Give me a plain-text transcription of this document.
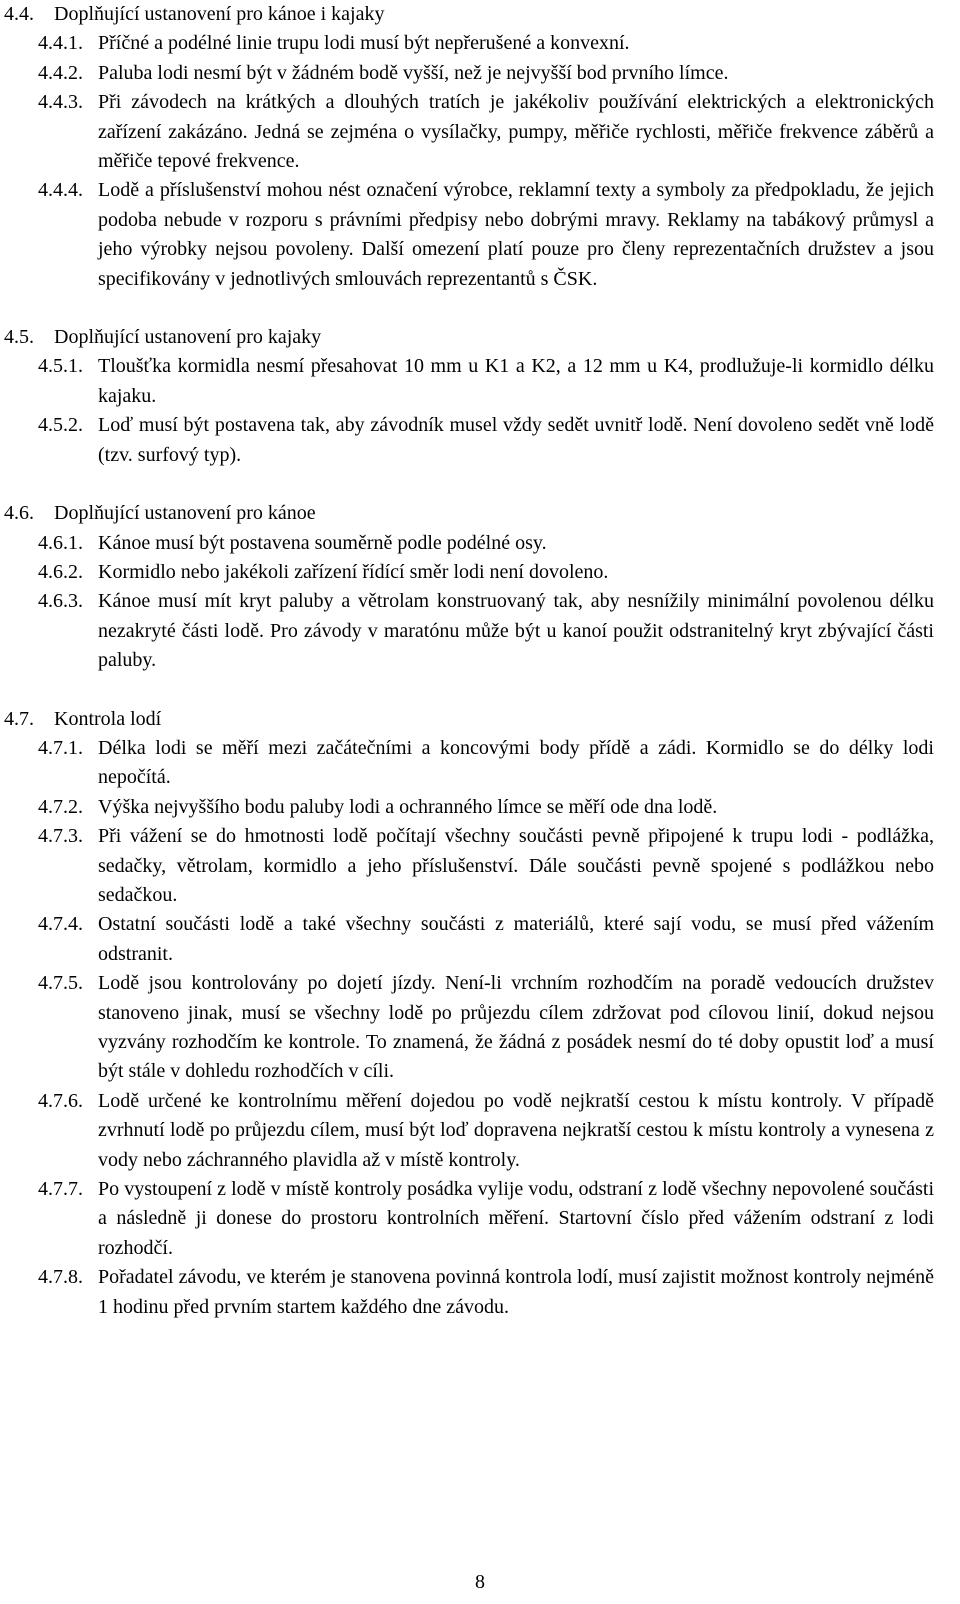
4.4.	Doplňující ustanovení pro kánoe i kajaky
4.4.1. Příčné a podélné linie trupu lodi musí být nepřerušené a konvexní.
4.4.2. Paluba lodi nesmí být v žádném bodě vyšší, než je nejvyšší bod prvního límce.
4.4.3. Při závodech na krátkých a dlouhých tratích je jakékoliv používání elektrických a elektronických zařízení zakázáno. Jedná se zejména o vysílačky, pumpy, měřiče rychlosti, měřiče frekvence záběrů a měřiče tepové frekvence.
4.4.4. Lodě a příslušenství mohou nést označení výrobce, reklamní texty a symboly za předpokladu, že jejich podoba nebude v rozporu s právními předpisy nebo dobrými mravy. Reklamy na tabákový průmysl a jeho výrobky nejsou povoleny. Další omezení platí pouze pro členy reprezentačních družstev a jsou specifikovány v jednotlivých smlouvách reprezentantů s ČSK.
4.5.	Doplňující ustanovení pro kajaky
4.5.1. Tloušťka kormidla nesmí přesahovat 10 mm u K1 a K2, a 12 mm u K4, prodlužuje-li kormidlo délku kajaku.
4.5.2. Loď musí být postavena tak, aby závodník musel vždy sedět uvnitř lodě. Není dovoleno sedět vně lodě (tzv. surfový typ).
4.6.	Doplňující ustanovení pro kánoe
4.6.1. Kánoe musí být postavena souměrně podle podélné osy.
4.6.2. Kormidlo nebo jakékoli zařízení řídící směr lodi není dovoleno.
4.6.3. Kánoe musí mít kryt paluby a větrolam konstruovaný tak, aby nesnížily minimální povolenou délku nezakryté části lodě. Pro závody v maratónu může být u kanoí použit odstranitelný kryt zbývající části paluby.
4.7.	Kontrola lodí
4.7.1. Délka lodi se měří mezi začátečními a koncovými body přídě a zádi. Kormidlo se do délky lodi nepočítá.
4.7.2. Výška nejvyššího bodu paluby lodi a ochranného límce se měří ode dna lodě.
4.7.3. Při vážení se do hmotnosti lodě počítají všechny součásti pevně připojené k trupu lodi - podlážka, sedačky, větrolam, kormidlo a jeho příslušenství. Dále součásti pevně spojené s podlážkou nebo sedačkou.
4.7.4. Ostatní součásti lodě a také všechny součásti z materiálů, které sají vodu, se musí před vážením odstranit.
4.7.5. Lodě jsou kontrolovány po dojetí jízdy. Není-li vrchním rozhodčím na poradě vedoucích družstev stanoveno jinak, musí se všechny lodě po průjezdu cílem zdržovat pod cílovou linií, dokud nejsou vyzvány rozhodčím ke kontrole. To znamená, že žádná z posádek nesmí do té doby opustit loď a musí být stále v dohledu rozhodčích v cíli.
4.7.6. Lodě určené ke kontrolnímu měření dojedou po vodě nejkratší cestou k místu kontroly. V případě zvrhnutí lodě po průjezdu cílem, musí být loď dopravena nejkratší cestou k místu kontroly a vynesena z vody nebo záchranného plavidla až v místě kontroly.
4.7.7. Po vystoupení z lodě v místě kontroly posádka vylije vodu, odstraní z lodě všechny nepovolené součásti a následně ji donese do prostoru kontrolních měření. Startovní číslo před vážením odstraní z lodi rozhodčí.
4.7.8. Pořadatel závodu, ve kterém je stanovena povinná kontrola lodí, musí zajistit možnost kontroly nejméně 1 hodinu před prvním startem každého dne závodu.
8
